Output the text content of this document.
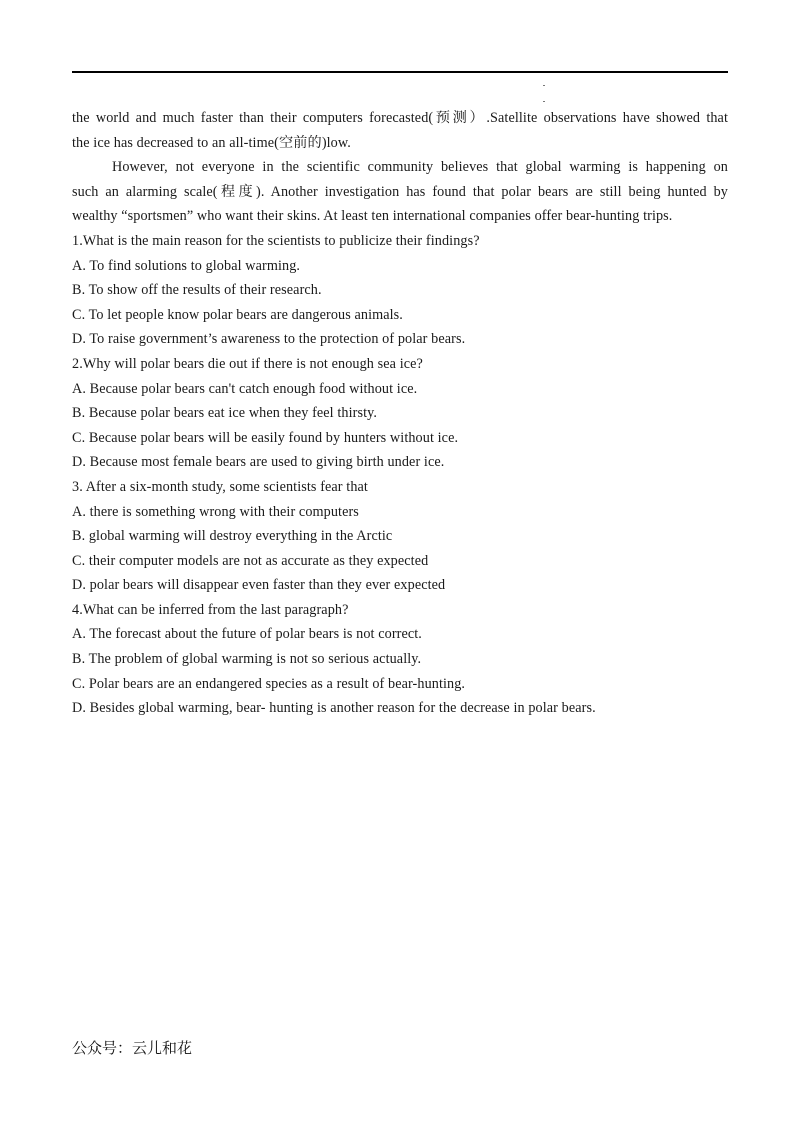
the world and much faster than their computers forecasted(预测）.Satellite observations have showed that

the ice has decreased to an all-time(空前的)low.

However, not everyone in the scientific community believes that global warming is happening on

such an alarming scale(程度). Another investigation has found that polar bears are still being hunted by

wealthy “sportsmen” who want their skins. At least ten international companies offer bear-hunting trips.

1.What is the main reason for the scientists to publicize their findings?

A. To find solutions to global warming.

B. To show off the results of their research.

C. To let people know polar bears are dangerous animals.

D. To raise government’s awareness to the protection of polar bears.

2.Why will polar bears die out if there is not enough sea ice?

A. Because polar bears can't catch enough food without ice.

B. Because polar bears eat ice when they feel thirsty.

C. Because polar bears will be easily found by hunters without ice.

D. Because most female bears are used to giving birth under ice.

3. After a six-month study, some scientists fear that

A. there is something wrong with their computers

B. global warming will destroy everything in the Arctic

C. their computer models are not as accurate as they expected

D. polar bears will disappear even faster than they ever expected

4.What can be inferred from the last paragraph?

A. The forecast about the future of polar bears is not correct.

B. The problem of global warming is not so serious actually.

C. Polar bears are an endangered species as a result of bear-hunting.

D. Besides global warming, bear- hunting is another reason for the decrease in polar bears.

公众号：云儿和花
